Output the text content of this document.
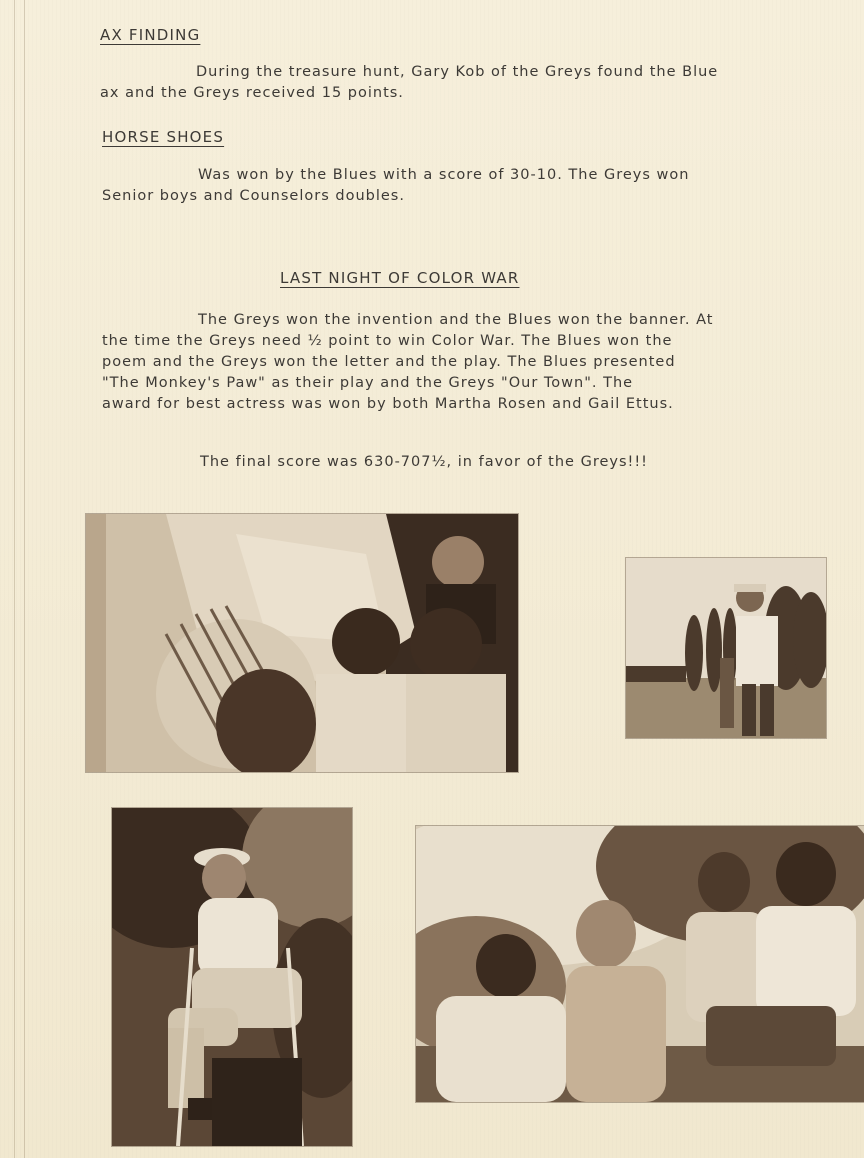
AX FINDING
During the treasure hunt, Gary Kob of the Greys found the Blue
ax and the Greys received 15 points.
HORSE SHOES
Was won by the Blues with a score of 30-10. The Greys won
Senior boys and Counselors doubles.
LAST NIGHT OF COLOR WAR
The Greys won the invention and the Blues won the banner. At
the time the Greys need ½ point to win Color War. The Blues won the
poem and the Greys won the letter and the play. The Blues presented
"The Monkey's Paw" as their play and the Greys "Our Town". The
award for best actress was won by both Martha Rosen and Gail Ettus.
The final score was 630-707½, in favor of the Greys!!!
